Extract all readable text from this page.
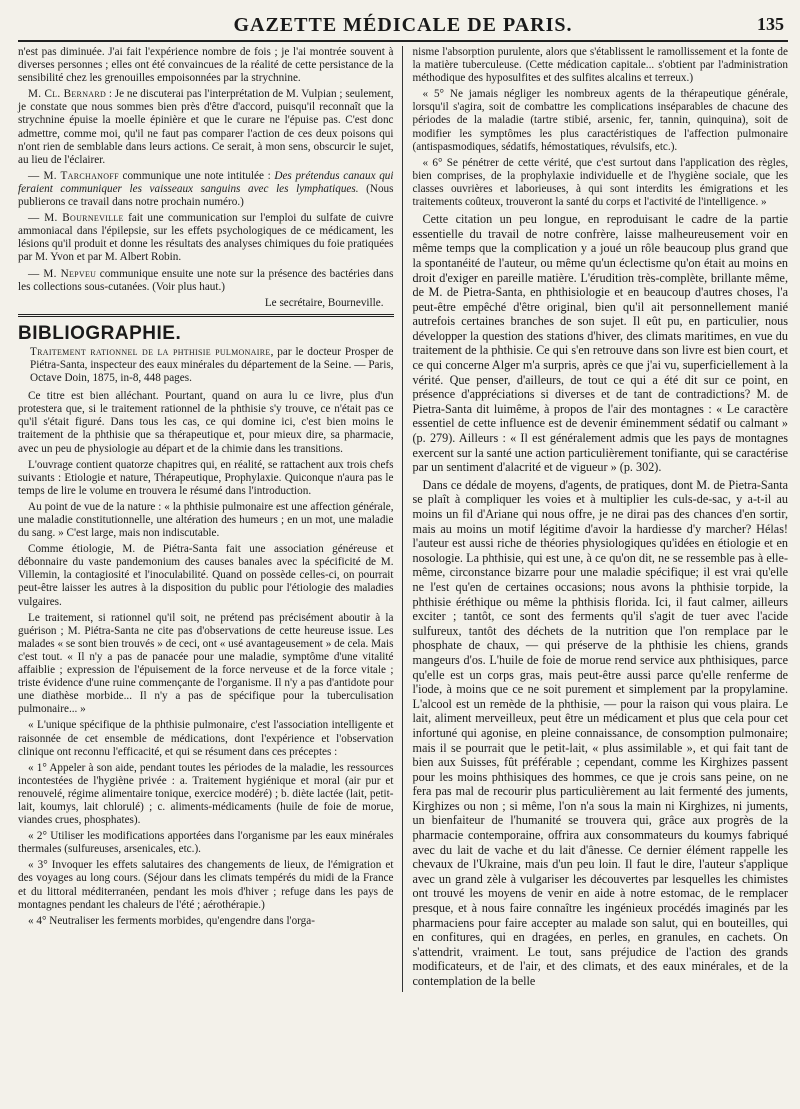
GAZETTE MÉDICALE DE PARIS.	135

n'est pas diminuée. J'ai fait l'expérience nombre de fois ; je l'ai montrée souvent à diverses personnes ; elles ont été convaincues de la réalité de cette persistance de la sensibilité chez les grenouilles empoisonnées par la strychnine.

M. Cl. Bernard : Je ne discuterai pas l'interprétation de M. Vulpian ; seulement, je constate que nous sommes bien près d'être d'accord, puisqu'il reconnaît que la strychnine épuise la moelle épinière et que le curare ne l'épuise pas. C'est donc admettre, comme moi, qu'il ne faut pas comparer l'action de ces deux poisons qui n'ont rien de semblable dans leurs actions. Ce serait, à mon sens, obscurcir le sujet, au lieu de l'éclairer.

— M. Tarchanoff communique une note intitulée : Des prétendus canaux qui feraient communiquer les vaisseaux sanguins avec les lymphatiques. (Nous publierons ce travail dans notre prochain numéro.)

— M. Bourneville fait une communication sur l'emploi du sulfate de cuivre ammoniacal dans l'épilepsie, sur les effets psychologiques de ce médicament, les lésions qu'il produit et donne les résultats des analyses chimiques du foie pratiquées par M. Yvon et par M. Albert Robin.

— M. Nepveu communique ensuite une note sur la présence des bactéries dans les collections sous-cutanées. (Voir plus haut.)

Le secrétaire, Bourneville.
BIBLIOGRAPHIE.

Traitement rationnel de la phthisie pulmonaire, par le docteur Prosper de Piétra-Santa, inspecteur des eaux minérales du département de la Seine. — Paris, Octave Doin, 1875, in-8, 448 pages.

Ce titre est bien alléchant. Pourtant, quand on aura lu ce livre, plus d'un protestera que, si le traitement rationnel de la phthisie s'y trouve, ce n'était pas ce qu'il s'était figuré. Dans tous les cas, ce qui domine ici, c'est bien moins le traitement de la phthisie que sa thérapeutique et, pour mieux dire, sa pharmacie, avec un peu de physiologie au départ et de la chimie dans les transitions.

L'ouvrage contient quatorze chapitres qui, en réalité, se rattachent aux trois chefs suivants : Etiologie et nature, Thérapeutique, Prophylaxie. Quiconque n'aura pas le temps de lire le volume en trouvera le résumé dans l'introduction.

Au point de vue de la nature : « la phthisie pulmonaire est une affection générale, une maladie constitutionnelle, une altération des humeurs ; en un mot, une maladie du sang. » C'est large, mais non indiscutable.

Comme étiologie, M. de Piétra-Santa fait une association généreuse et débonnaire du vaste pandemonium des causes banales avec la spécificité de M. Villemin, la contagiosité et l'inoculabilité. Quand on possède celles-ci, on pourrait peut-être laisser les autres à la disposition du public pour l'étiologie des maladies vulgaires.

Le traitement, si rationnel qu'il soit, ne prétend pas précisément aboutir à la guérison ; M. Piétra-Santa ne cite pas d'observations de cette heureuse issue. Les malades « se sont bien trouvés » de ceci, ont « usé avantageusement » de cela. Mais c'est tout. « Il n'y a pas de panacée pour une maladie, symptôme d'une vitalité affaiblie ; expression de l'épuisement de la force nerveuse et de la force vitale ; triste évidence d'une ruine commençante de l'organisme. Il n'y a pas d'antidote pour une diathèse morbide... Il n'y a pas de spécifique pour la tuberculisation pulmonaire... »

« L'unique spécifique de la phthisie pulmonaire, c'est l'association intelligente et raisonnée de cet ensemble de médications, dont l'expérience et l'observation clinique ont reconnu l'efficacité, et qui se résument dans ces préceptes :

« 1° Appeler à son aide, pendant toutes les périodes de la maladie, les ressources incontestées de l'hygiène privée : a. Traitement hygiénique et moral (air pur et renouvelé, régime alimentaire tonique, exercice modéré) ; b. diète lactée (lait, petit-lait, koumys, lait chlorulé) ; c. aliments-médicaments (huile de foie de morue, viandes crues, phosphates).

« 2° Utiliser les modifications apportées dans l'organisme par les eaux minérales thermales (sulfureuses, arsenicales, etc.).

« 3° Invoquer les effets salutaires des changements de lieux, de l'émigration et des voyages au long cours. (Séjour dans les climats tempérés du midi de la France et du littoral méditerranéen, pendant les mois d'hiver ; refuge dans les pays de montagnes pendant les chaleurs de l'été ; aérothérapie.)

« 4° Neutraliser les ferments morbides, qu'engendre dans l'orga-

nisme l'absorption purulente, alors que s'établissent le ramollissement et la fonte de la matière tuberculeuse. (Cette médication capitale... s'obtient par l'administration méthodique des hyposulfites et des sulfites alcalins et terreux.)

« 5° Ne jamais négliger les nombreux agents de la thérapeutique générale, lorsqu'il s'agira, soit de combattre les complications inséparables de chacune des périodes de la maladie (tartre stibié, arsenic, fer, tannin, quinquina), soit de modifier les symptômes les plus caractéristiques de l'affection pulmonaire (antispasmodiques, sédatifs, hémostatiques, révulsifs, etc.).

« 6° Se pénétrer de cette vérité, que c'est surtout dans l'application des règles, bien comprises, de la prophylaxie individuelle et de l'hygiène sociale, que les classes ouvrières et laborieuses, à qui sont interdits les émigrations et les traitements coûteux, trouveront la santé du corps et l'activité de l'intelligence. »

Cette citation un peu longue, en reproduisant le cadre de la partie essentielle du travail de notre confrère, laisse malheureusement voir en même temps que la complication y a joué un rôle beaucoup plus grand que la spontanéité de l'auteur, ou même qu'un éclectisme qu'on était au moins en droit d'exiger en pareille matière. L'érudition très-complète, brillante même, de M. de Pietra-Santa, en phthisiologie et en beaucoup d'autres choses, l'a peut-être empêché d'être original, bien qu'il ait personnellement manié autrefois certaines branches de son sujet. Il eût pu, en particulier, nous développer la question des stations d'hiver, des climats maritimes, en vue du traitement de la phthisie. Ce qui s'en retrouve dans son livre est bien court, et ce qui concerne Alger m'a surpris, après ce que j'ai vu, superficiellement à la vérité. Que penser, d'ailleurs, de tout ce qui a été dit sur ce point, en présence d'appréciations si diverses et de tant de contradictions? M. de Pietra-Santa dit luimême, à propos de l'air des montagnes : « Le caractère essentiel de cette influence est de devenir éminemment sédatif ou calmant » (p. 279). Ailleurs : « Il est généralement admis que les pays de montagnes exercent sur la santé une action particulièrement tonifiante, qui se caractérise par un sentiment d'alacrité et de vigueur » (p. 302).

Dans ce dédale de moyens, d'agents, de pratiques, dont M. de Pietra-Santa se plaît à compliquer les voies et à multiplier les culs-de-sac, y a-t-il au moins un fil d'Ariane qui nous offre, je ne dirai pas des chances d'en sortir, mais au moins un motif légitime d'avoir la hardiesse d'y marcher? Hélas! l'auteur est aussi riche de théories physiologiques qu'idées en étiologie et en nosologie. La phthisie, qui est une, à ce qu'on dit, ne se ressemble pas à elle-même, circonstance bizarre pour une maladie spécifique; il est vrai qu'elle ne l'est qu'en de certaines occasions; nous avons la phthisie torpide, la phthisie éréthique ou même la phthisis florida. Ici, il faut calmer, ailleurs exciter ; tantôt, ce sont des ferments qu'il s'agit de tuer avec l'acide sulfureux, tantôt des déchets de la nutrition que l'on remplace par le phosphate de chaux, — qui préserve de la phthisie les chiens, grands mangeurs d'os. L'huile de foie de morue rend service aux phthisiques, parce qu'elle est un corps gras, mais peut-être aussi parce qu'elle renferme de l'iode, à moins que ce ne soit purement et simplement par la propylamine. L'alcool est un remède de la phthisie, — pour la raison qui vous plaira. Le lait, aliment merveilleux, peut être un médicament et plus que cela pour cet infortuné qui agonise, en pleine connaissance, de consomption pulmonaire; mais il se pourrait que le petit-lait, « plus assimilable », et qui fait tant de bien aux Suisses, fût préférable ; cependant, comme les Kirghizes passent pour les moins phthisiques des hommes, ce que je crois sans peine, on ne fera pas mal de recourir plus particulièrement au lait fermenté des juments, Kirghizes ou non ; si même, l'on n'a sous la main ni Kirghizes, ni juments, un bienfaiteur de l'humanité se trouvera qui, grâce aux progrès de la pharmacie contemporaine, offrira aux consommateurs du koumys fabriqué avec du lait de vache et du lait d'ânesse. Ce dernier élément rappelle les chevaux de l'Ukraine, mais d'un peu loin. Il faut le dire, l'auteur s'applique avec un grand zèle à vulgariser les découvertes par lesquelles les chimistes ont trouvé les moyens de venir en aide à notre estomac, de le remplacer presque, et à nous faire connaître les ingénieux procédés imaginés par les pharmaciens pour faire accepter au malade son salut, qui en bouteilles, qui en confitures, qui en dragées, en perles, en granules, en cachets. On s'attendrit, vraiment. Le tout, sans préjudice de l'action des grands modificateurs, et de l'air, et des climats, et des eaux minérales, et de la contemplation de la belle
